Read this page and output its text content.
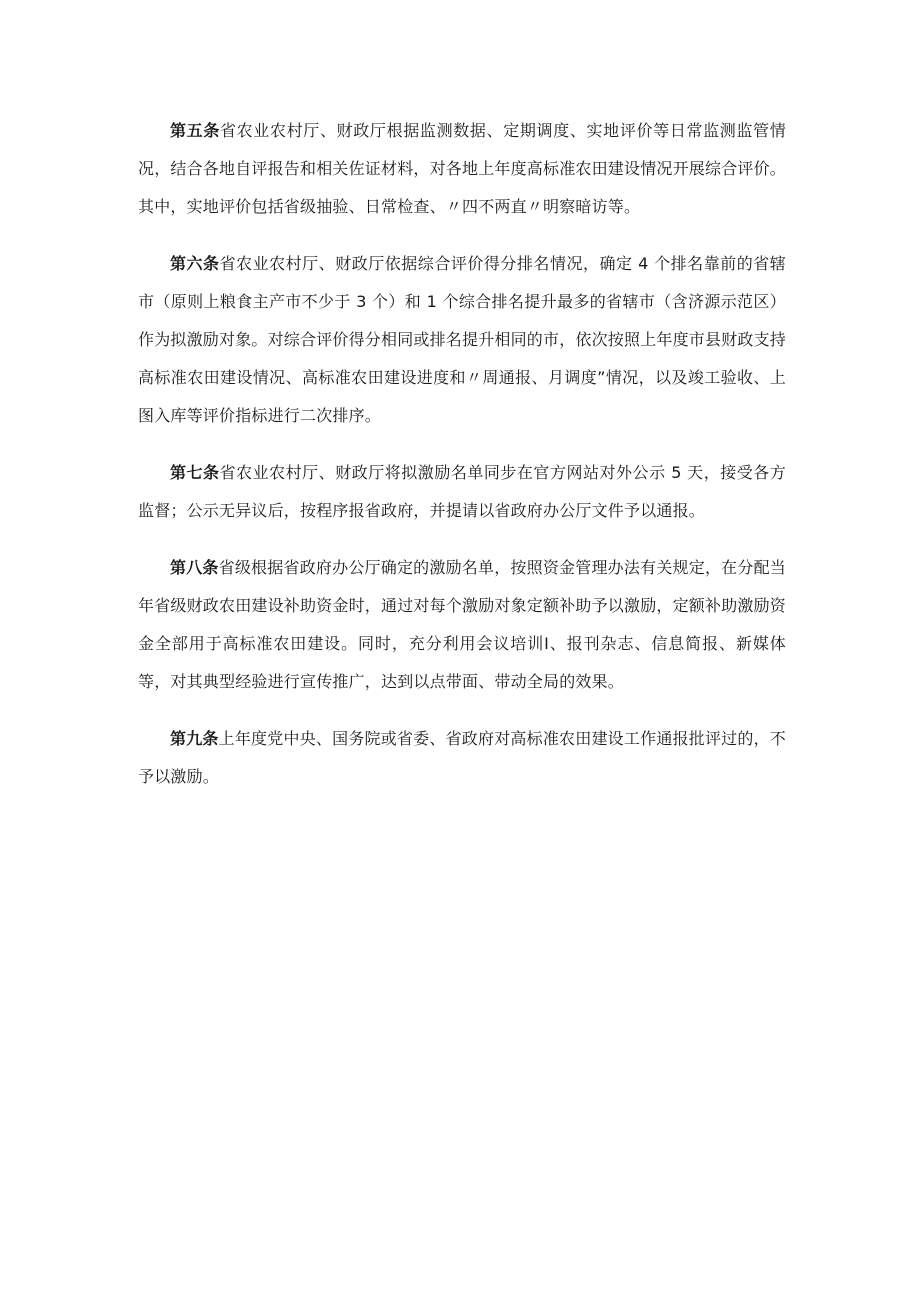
第五条省农业农村厅、财政厅根据监测数据、定期调度、实地评价等日常监测监管情况，结合各地自评报告和相关佐证材料，对各地上年度高标准农田建设情况开展综合评价。其中，实地评价包括省级抽验、日常检查、〃四不两直〃明察暗访等。

第六条省农业农村厅、财政厅依据综合评价得分排名情况，确定 4 个排名靠前的省辖市（原则上粮食主产市不少于 3 个）和 1 个综合排名提升最多的省辖市（含济源示范区）作为拟激励对象。对综合评价得分相同或排名提升相同的市，依次按照上年度市县财政支持高标准农田建设情况、高标准农田建设进度和〃周通报、月调度”情况，以及竣工验收、上图入库等评价指标进行二次排序。

第七条省农业农村厅、财政厅将拟激励名单同步在官方网站对外公示 5 天，接受各方监督；公示无异议后，按程序报省政府，并提请以省政府办公厅文件予以通报。

第八条省级根据省政府办公厅确定的激励名单，按照资金管理办法有关规定，在分配当年省级财政农田建设补助资金时，通过对每个激励对象定额补助予以激励，定额补助激励资金全部用于高标准农田建设。同时，充分利用会议培训I、报刊杂志、信息简报、新媒体等，对其典型经验进行宣传推广，达到以点带面、带动全局的效果。

第九条上年度党中央、国务院或省委、省政府对高标准农田建设工作通报批评过的，不予以激励。
